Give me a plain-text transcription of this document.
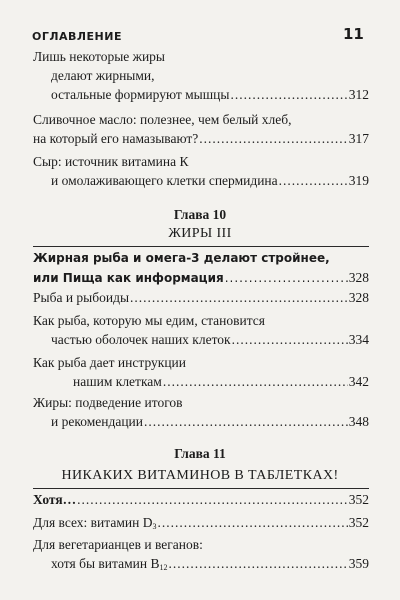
ОГЛАВЛЕНИЕ	11
Лишь некоторые жиры
делают жирными,
остальные формируют мышцы .....	312
Сливочное масло: полезнее, чем белый хлеб,
на который его намазывают? .....	317
Сыр: источник витамина К
и омолаживающего клетки спермидина .....	319
Глава 10
ЖИРЫ III
Жирная рыба и омега-3 делают стройнее,
или Пища как информация .....	328
Рыба и рыбоиды .....	328
Как рыба, которую мы едим, становится
частью оболочек наших клеток .....	334
Как рыба дает инструкции
нашим клеткам .....	342
Жиры: подведение итогов
и рекомендации .....	348
Глава 11
НИКАКИХ ВИТАМИНОВ В ТАБЛЕТКАХ!
Хотя… .....	352
Для всех: витамин $D_3$ .....	352
Для вегетарианцев и веганов:
хотя бы витамин $B_{12}$ .....	359
